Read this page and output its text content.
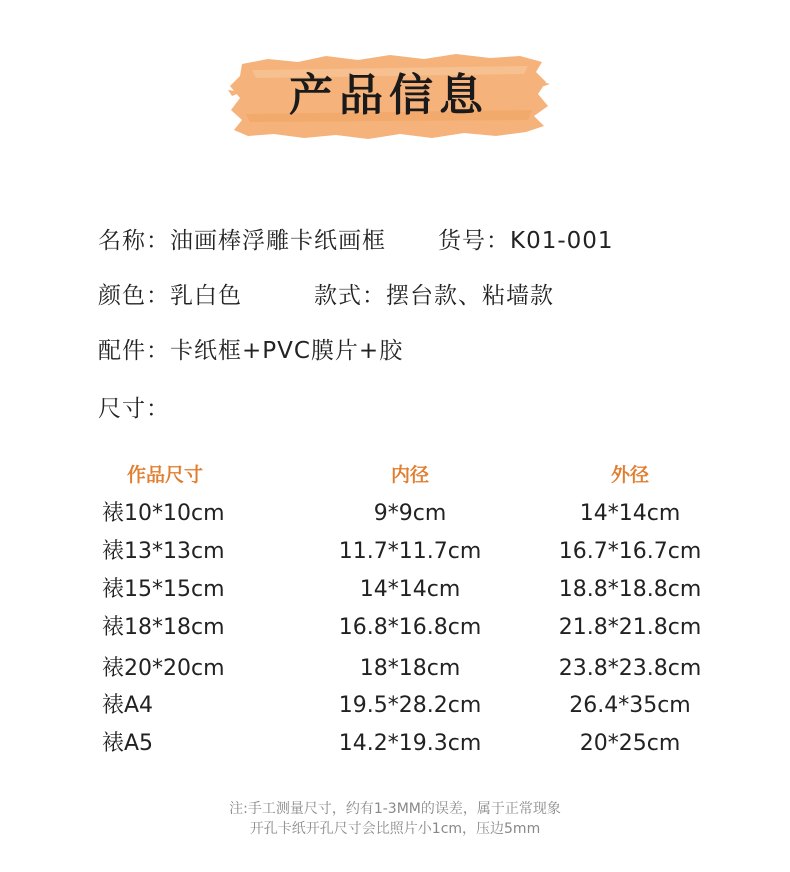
产品信息
名称：油画棒浮雕卡纸画框 货号：K01-001
颜色：乳白色	款式：摆台款、粘墙款
配件：卡纸框+PVC膜片+胶
尺寸：
作品尺寸	内径	外径
裱10*10cm	9*9cm	14*14cm
裱13*13cm	11.7*11.7cm	16.7*16.7cm
裱15*15cm	14*14cm	18.8*18.8cm
裱18*18cm	16.8*16.8cm	21.8*21.8cm
裱20*20cm	18*18cm	23.8*23.8cm
裱A4	19.5*28.2cm	26.4*35cm
裱A5	14.2*19.3cm	20*25cm
注:手工测量尺寸，约有1-3MM的误差，属于正常现象
开孔卡纸开孔尺寸会比照片小1cm，压边5mm
